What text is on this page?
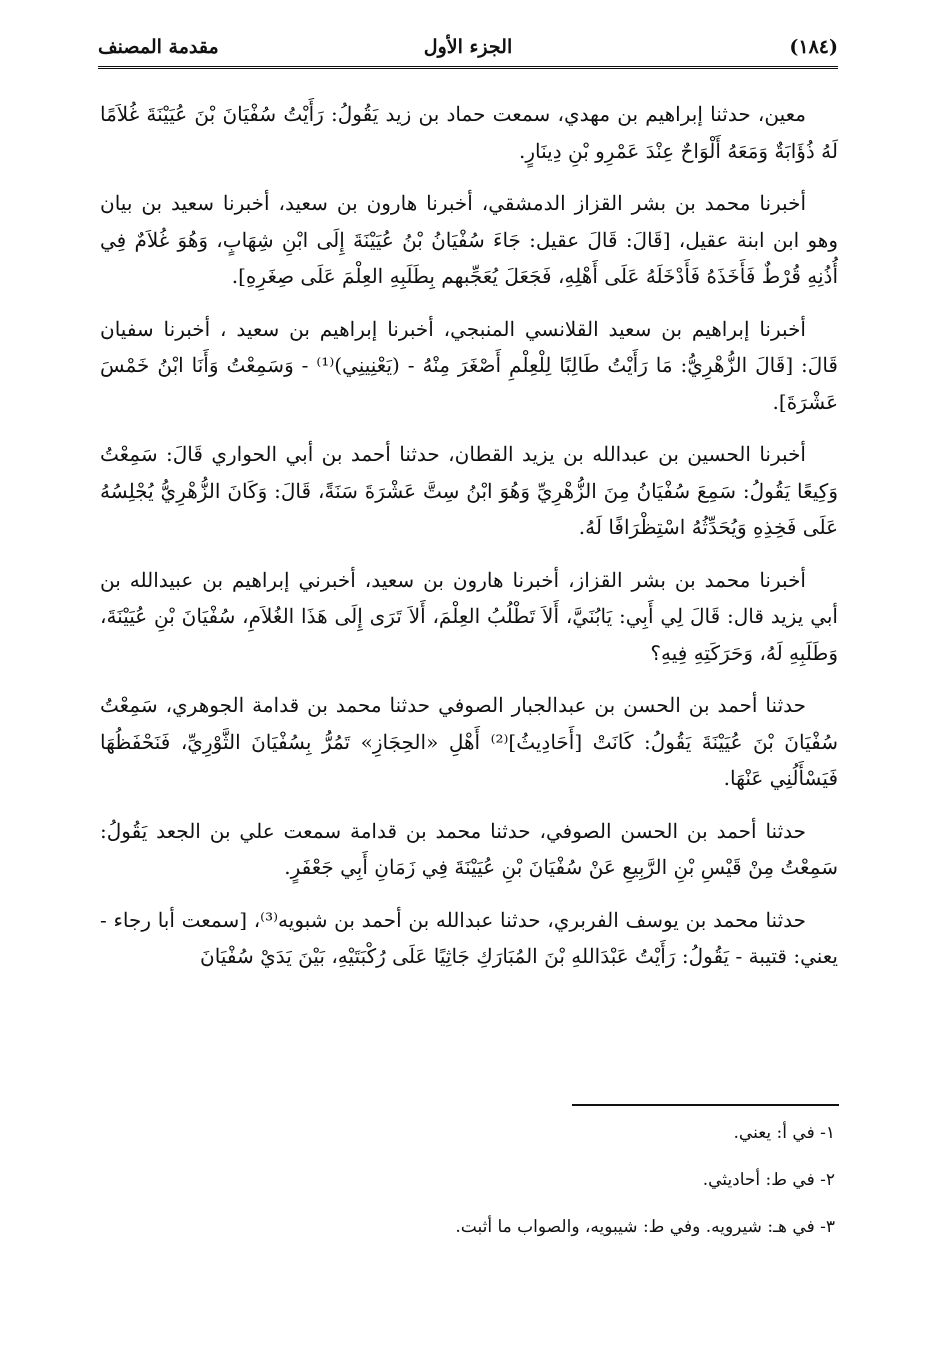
(١٨٤)
الجزء الأول
مقدمة المصنف

معين، حدثنا إبراهيم بن مهدي، سمعت حماد بن زيد يَقُولُ: رَأَيْتُ سُفْيَانَ بْنَ عُيَيْنَةَ غُلاَمًا لَهُ ذُؤَابَةٌ وَمَعَهُ أَلْوَاحٌ عِنْدَ عَمْرِو بْنِ دِينَارٍ.

أخبرنا محمد بن بشر القزاز الدمشقي، أخبرنا هارون بن سعيد، أخبرنا سعيد بن بيان وهو ابن ابنة عقيل، [قَالَ: قَالَ عقيل: جَاءَ سُفْيَانُ بْنُ عُيَيْنَةَ إِلَى ابْنِ شِهَابٍ، وَهُوَ غُلاَمٌ فِي أُذُنِهِ قُرْطٌ فَأَخَذَهُ فَأَدْخَلَهُ عَلَى أَهْلِهِ، فَجَعَلَ يُعَجِّبهم بِطَلَبِهِ العِلْمَ عَلَى صِغَرِهِ].

أخبرنا إبراهيم بن سعيد القلانسي المنبجي، أخبرنا إبراهيم بن سعيد ، أخبرنا سفيان قَالَ: [قَالَ الزُّهْرِيُّ: مَا رَأَيْتُ طَالِبًا لِلْعِلْمِ أَصْغَرَ مِنْهُ - (يَعْنِينِي)⁽¹⁾ - وَسَمِعْتُ وَأَنَا ابْنُ خَمْسَ عَشْرَةَ].

أخبرنا الحسين بن عبدالله بن يزيد القطان، حدثنا أحمد بن أبي الحواري قَالَ: سَمِعْتُ وَكِيعًا يَقُولُ: سَمِعَ سُفْيَانُ مِنَ الزُّهْرِيِّ وَهُوَ ابْنُ سِتَّ عَشْرَةَ سَنَةً، قَالَ: وَكَانَ الزُّهْرِيُّ يُجْلِسُهُ عَلَى فَخِذِهِ وَيُحَدِّثُهُ اسْتِظْرَافًا لَهُ.

أخبرنا محمد بن بشر القزاز، أخبرنا هارون بن سعيد، أخبرني إبراهيم بن عبيدالله بن أبي يزيد قال: قَالَ لِي أَبِي: يَابُنَيَّ، أَلاَ تَطْلُبُ العِلْمَ، أَلاَ تَرَى إِلَى هَذَا الغُلاَمِ، سُفْيَانَ بْنِ عُيَيْنَةَ، وَطَلَبِهِ لَهُ، وَحَرَكَتِهِ فِيهِ؟

حدثنا أحمد بن الحسن بن عبدالجبار الصوفي حدثنا محمد بن قدامة الجوهري، سَمِعْتُ سُفْيَانَ بْنَ عُيَيْنَةَ يَقُولُ: كَانَتْ [أَحَادِيثُ]⁽²⁾ أَهْلِ «الحِجَازِ» تَمُرُّ بِسُفْيَانَ الثَّوْرِيِّ، فَنَحْفَظُهَا فَيَسْأَلُنِي عَنْهَا.

حدثنا أحمد بن الحسن الصوفي، حدثنا محمد بن قدامة سمعت علي بن الجعد يَقُولُ: سَمِعْتُ مِنْ قَيْسِ بْنِ الرَّبِيعِ عَنْ سُفْيَانَ بْنِ عُيَيْنَةَ فِي زَمَانِ أَبِي جَعْفَرٍ.

حدثنا محمد بن يوسف الفربري، حدثنا عبدالله بن أحمد بن شبويه⁽³⁾، [سمعت أبا رجاء - يعني: قتيبة - يَقُولُ: رَأَيْتُ عَبْدَاللهِ بْنَ المُبَارَكِ جَاثِيًا عَلَى رُكْبَتَيْهِ، بَيْنَ يَدَيْ سُفْيَانَ

١- في أ: يعني.

٢- في ط: أحاديثي.

٣- في هـ: شيرويه. وفي ط: شيبويه، والصواب ما أثبت.
